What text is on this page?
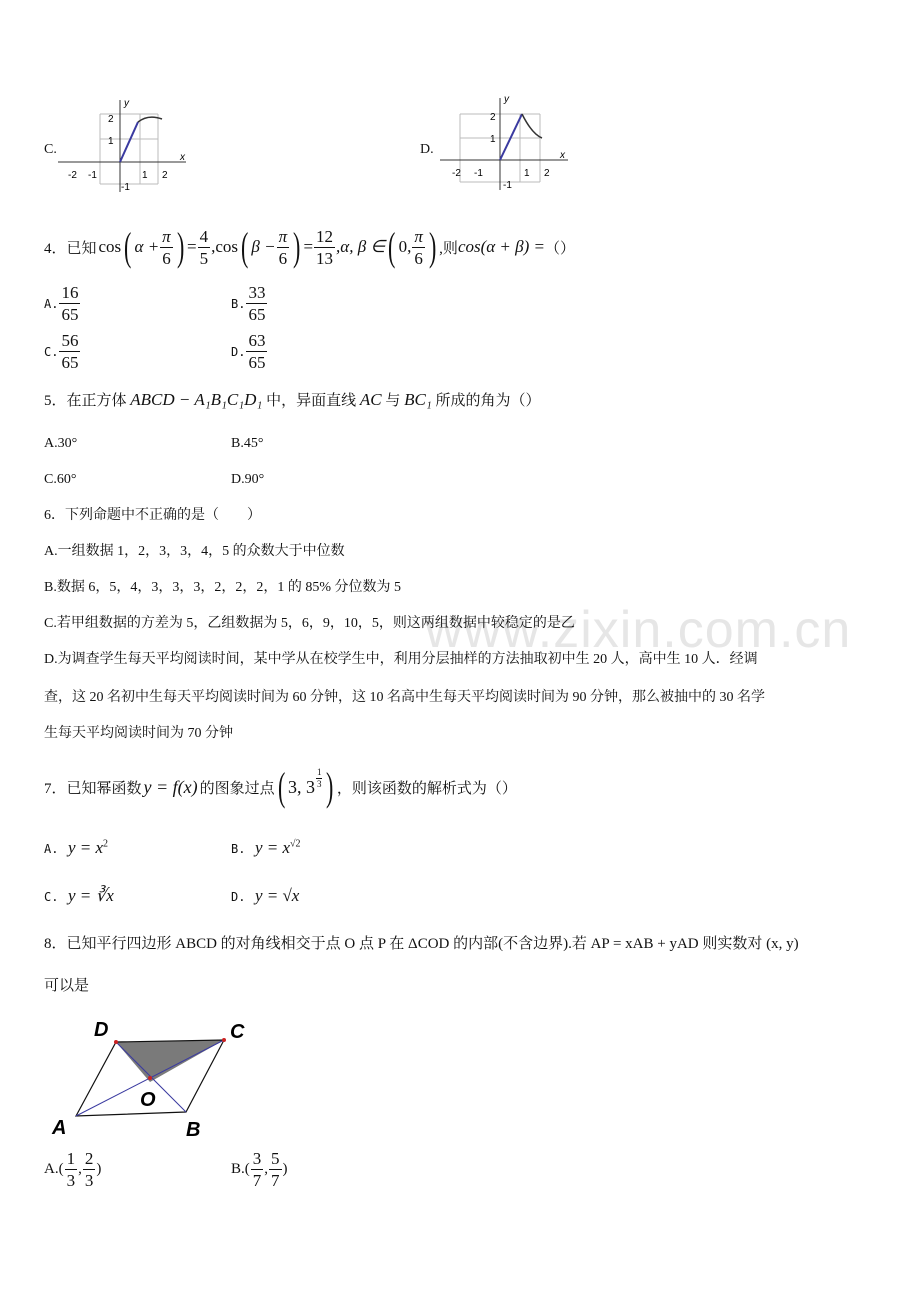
www.zixin.com.cn
C.
y
x
2
1
-2 -1	1 2
-1
D.
y
x
2
1
-2 -1	1 2
-1
4．已知 cos ( $\alpha + \frac{\pi}{6}$ ) = $\frac{4}{5} ,\cos$ ( $\beta - \frac{\pi}{6}$ ) = $\frac{12}{13} ,\alpha$, β ∈ ( 0, $\frac{\pi}{6}$ ) ,则 cos(α + β) = （）
A. $\frac{16}{65}$	B. $\frac{33}{65}$
C. $\frac{56}{65}$	D. $\frac{63}{65}$
5．在正方体 ABCD − A₁B₁C₁D₁ 中，异面直线 AC 与 BC₁ 所成的角为（）
A.30°	B.45°
C.60°	D.90°
6．下列命题中不正确的是（　　）
A.一组数据 1，2，3，3，4，5 的众数大于中位数
B.数据 6，5，4，3，3，3，2，2，2，1 的 85% 分位数为 5
C.若甲组数据的方差为 5，乙组数据为 5，6，9，10，5，则这两组数据中较稳定的是乙
D.为调查学生每天平均阅读时间，某中学从在校学生中，利用分层抽样的方法抽取初中生 20 人，高中生 10 人．经调
查，这 20 名初中生每天平均阅读时间为 60 分钟，这 10 名高中生每天平均阅读时间为 90 分钟，那么被抽中的 30 名学
生每天平均阅读时间为 70 分钟
7．已知幂函数 y = f(x) 的图象过点 ( 3, $3 \frac{1}{3}$ ) ，则该函数的解析式为（）
A. $y = x^2$	B. $y = x^{√2}$
C. y = ∛x	D. y = √x
8．已知平行四边形 ABCD 的对角线相交于点 O 点 P 在 ΔCOD 的内部(不含边界).若 AP = xAB + yAD 则实数对 (x, y)
可以是
D	C
O
A	B
A. ( $\frac{1}{3}$ , $\frac{2}{3}$ )	B. ( $\frac{3}{7}$ , $\frac{5}{7}$ )
